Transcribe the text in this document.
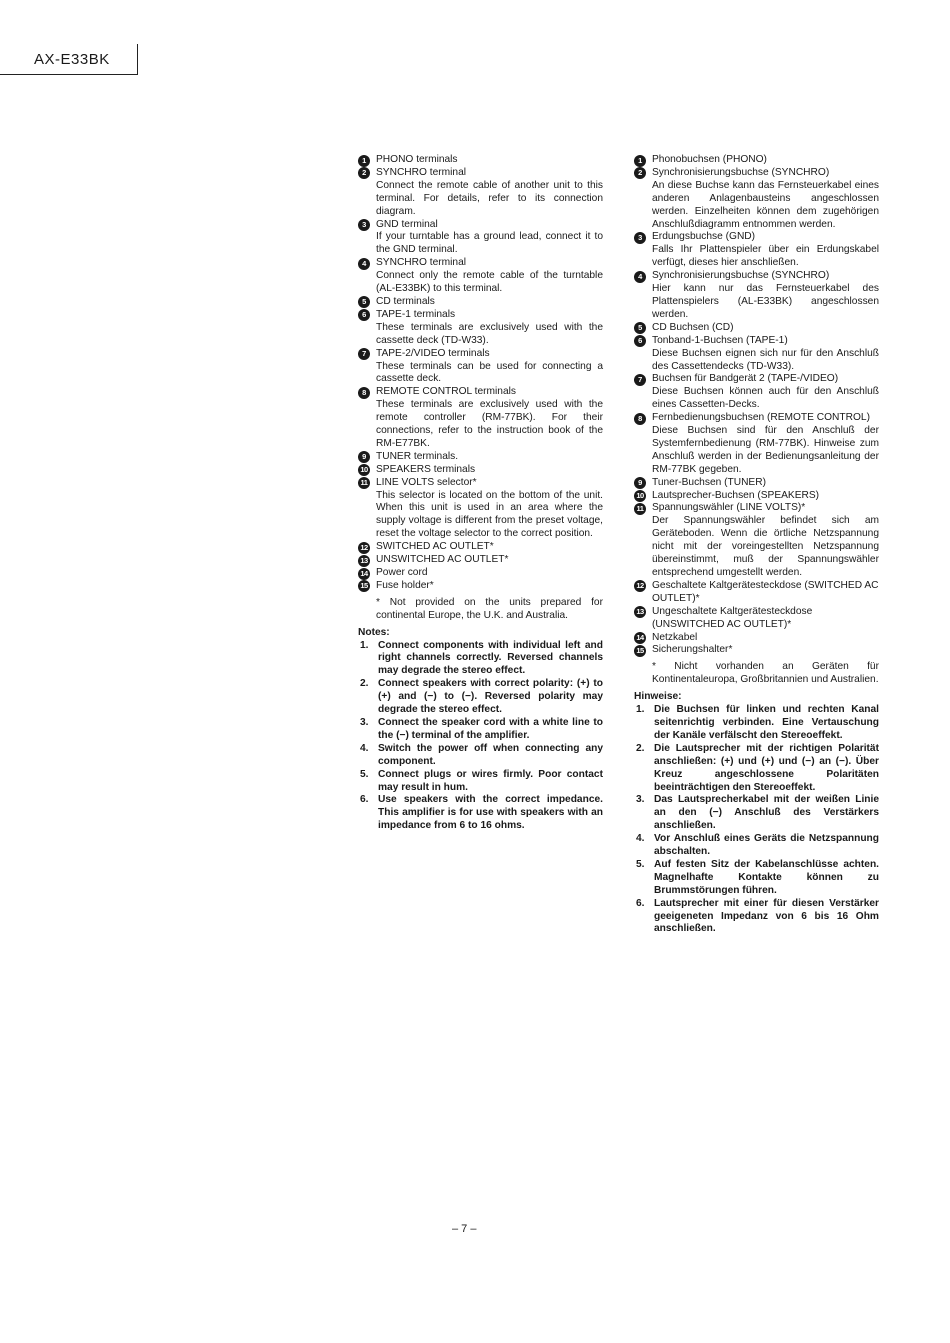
AX-E33BK
1 PHONO terminals
2 SYNCHRO terminal
Connect the remote cable of another unit to this terminal. For details, refer to its connection diagram.
3 GND terminal
If your turntable has a ground lead, connect it to the GND terminal.
4 SYNCHRO terminal
Connect only the remote cable of the turntable (AL-E33BK) to this terminal.
5 CD terminals
6 TAPE-1 terminals
These terminals are exclusively used with the cassette deck (TD-W33).
7 TAPE-2/VIDEO terminals
These terminals can be used for connecting a cassette deck.
8 REMOTE CONTROL terminals
These terminals are exclusively used with the remote controller (RM-77BK). For their connections, refer to the instruction book of the RM-E77BK.
9 TUNER terminals.
10 SPEAKERS terminals
11 LINE VOLTS selector*
This selector is located on the bottom of the unit. When this unit is used in an area where the supply voltage is different from the preset voltage, reset the voltage selector to the correct position.
12 SWITCHED AC OUTLET*
13 UNSWITCHED AC OUTLET*
14 Power cord
15 Fuse holder*
* Not provided on the units prepared for continental Europe, the U.K. and Australia.
Notes:
1. Connect components with individual left and right channels correctly. Reversed channels may degrade the stereo effect.
2. Connect speakers with correct polarity: (+) to (+) and (−) to (−). Reversed polarity may degrade the stereo effect.
3. Connect the speaker cord with a white line to the (−) terminal of the amplifier.
4. Switch the power off when connecting any component.
5. Connect plugs or wires firmly. Poor contact may result in hum.
6. Use speakers with the correct impedance. This amplifier is for use with speakers with an impedance from 6 to 16 ohms.
1 Phonobuchsen (PHONO)
2 Synchronisierungsbuchse (SYNCHRO)
An diese Buchse kann das Fernsteuerkabel eines anderen Anlagenbausteins angeschlossen werden. Einzelheiten können dem zugehörigen Anschlußdiagramm entnommen werden.
3 Erdungsbuchse (GND)
Falls Ihr Plattenspieler über ein Erdungskabel verfügt, dieses hier anschließen.
4 Synchronisierungsbuchse (SYNCHRO)
Hier kann nur das Fernsteuerkabel des Plattenspielers (AL-E33BK) angeschlossen werden.
5 CD Buchsen (CD)
6 Tonband-1-Buchsen (TAPE-1)
Diese Buchsen eignen sich nur für den Anschluß des Cassettendecks (TD-W33).
7 Buchsen für Bandgerät 2 (TAPE-/VIDEO)
Diese Buchsen können auch für den Anschluß eines Cassetten-Decks.
8 Fernbedienungsbuchsen (REMOTE CONTROL)
Diese Buchsen sind für den Anschluß der Systemfernbedienung (RM-77BK). Hinweise zum Anschluß werden in der Bedienungsanleitung der RM-77BK gegeben.
9 Tuner-Buchsen (TUNER)
10 Lautsprecher-Buchsen (SPEAKERS)
11 Spannungswähler (LINE VOLTS)*
Der Spannungswähler befindet sich am Geräteboden. Wenn die örtliche Netzspannung nicht mit der voreingestellten Netzspannung übereinstimmt, muß der Spannungswähler entsprechend umgestellt werden.
12 Geschaltete Kaltgerätesteckdose (SWITCHED AC OUTLET)*
13 Ungeschaltete Kaltgerätesteckdose (UNSWITCHED AC OUTLET)*
14 Netzkabel
15 Sicherungshalter*
* Nicht vorhanden an Geräten für Kontinentaleuropa, Großbritannien und Australien.
Hinweise:
1. Die Buchsen für linken und rechten Kanal seitenrichtig verbinden. Eine Vertauschung der Kanäle verfälscht den Stereoeffekt.
2. Die Lautsprecher mit der richtigen Polarität anschließen: (+) und (+) und (−) an (−). Über Kreuz angeschlossene Polaritäten beeinträchtigen den Stereoeffekt.
3. Das Lautsprecherkabel mit der weißen Linie an den (−) Anschluß des Verstärkers anschließen.
4. Vor Anschluß eines Geräts die Netzspannung abschalten.
5. Auf festen Sitz der Kabelanschlüsse achten. Magnelhafte Kontakte können zu Brummstörungen führen.
6. Lautsprecher mit einer für diesen Verstärker geeigeneten Impedanz von 6 bis 16 Ohm anschließen.
– 7 –
